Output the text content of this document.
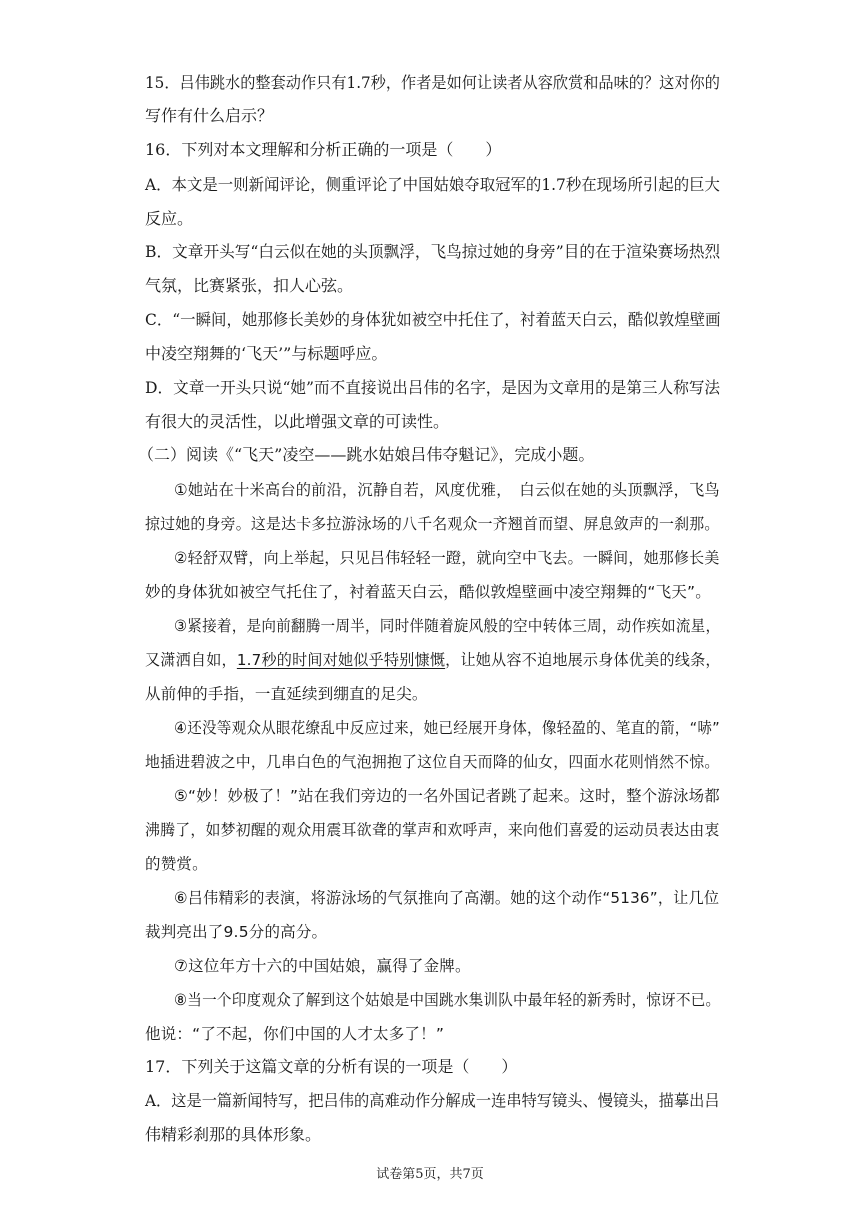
15．吕伟跳水的整套动作只有1.7秒，作者是如何让读者从容欣赏和品味的？这对你的
写作有什么启示？
16．下列对本文理解和分析正确的一项是（　　）
A．本文是一则新闻评论，侧重评论了中国姑娘夺取冠军的1.7秒在现场所引起的巨大
反应。
B．文章开头写“白云似在她的头顶飘浮，飞鸟掠过她的身旁”目的在于渲染赛场热烈
气氛，比赛紧张，扣人心弦。
C．“一瞬间，她那修长美妙的身体犹如被空中托住了，衬着蓝天白云，酷似敦煌壁画
中凌空翔舞的‘飞天’”与标题呼应。
D．文章一开头只说“她”而不直接说出吕伟的名字，是因为文章用的是第三人称写法
有很大的灵活性，以此增强文章的可读性。
（二）阅读《“飞天”凌空——跳水姑娘吕伟夺魁记》，完成小题。
①她站在十米高台的前沿，沉静自若，风度优雅，　白云似在她的头顶飘浮，飞鸟
掠过她的身旁。这是达卡多拉游泳场的八千名观众一齐翘首而望、屏息敛声的一刹那。
②轻舒双臂，向上举起，只见吕伟轻轻一蹬，就向空中飞去。一瞬间，她那修长美
妙的身体犹如被空气托住了，衬着蓝天白云，酷似敦煌壁画中凌空翔舞的“飞天”。
③紧接着，是向前翻腾一周半，同时伴随着旋风般的空中转体三周，动作疾如流星，
又潇洒自如，1.7秒的时间对她似乎特别慷慨，让她从容不迫地展示身体优美的线条，
从前伸的手指，一直延续到绷直的足尖。
④还没等观众从眼花缭乱中反应过来，她已经展开身体，像轻盈的、笔直的箭，“哧”
地插进碧波之中，几串白色的气泡拥抱了这位自天而降的仙女，四面水花则悄然不惊。
⑤“妙！妙极了！”站在我们旁边的一名外国记者跳了起来。这时，整个游泳场都
沸腾了，如梦初醒的观众用震耳欲聋的掌声和欢呼声，来向他们喜爱的运动员表达由衷
的赞赏。
⑥吕伟精彩的表演，将游泳场的气氛推向了高潮。她的这个动作“5136”，让几位
裁判亮出了9.5分的高分。
⑦这位年方十六的中国姑娘，赢得了金牌。
⑧当一个印度观众了解到这个姑娘是中国跳水集训队中最年轻的新秀时，惊讶不已。
他说：“了不起，你们中国的人才太多了！”
17．下列关于这篇文章的分析有误的一项是（　　）
A．这是一篇新闻特写，把吕伟的高难动作分解成一连串特写镜头、慢镜头，描摹出吕
伟精彩刹那的具体形象。
试卷第5页，共7页
